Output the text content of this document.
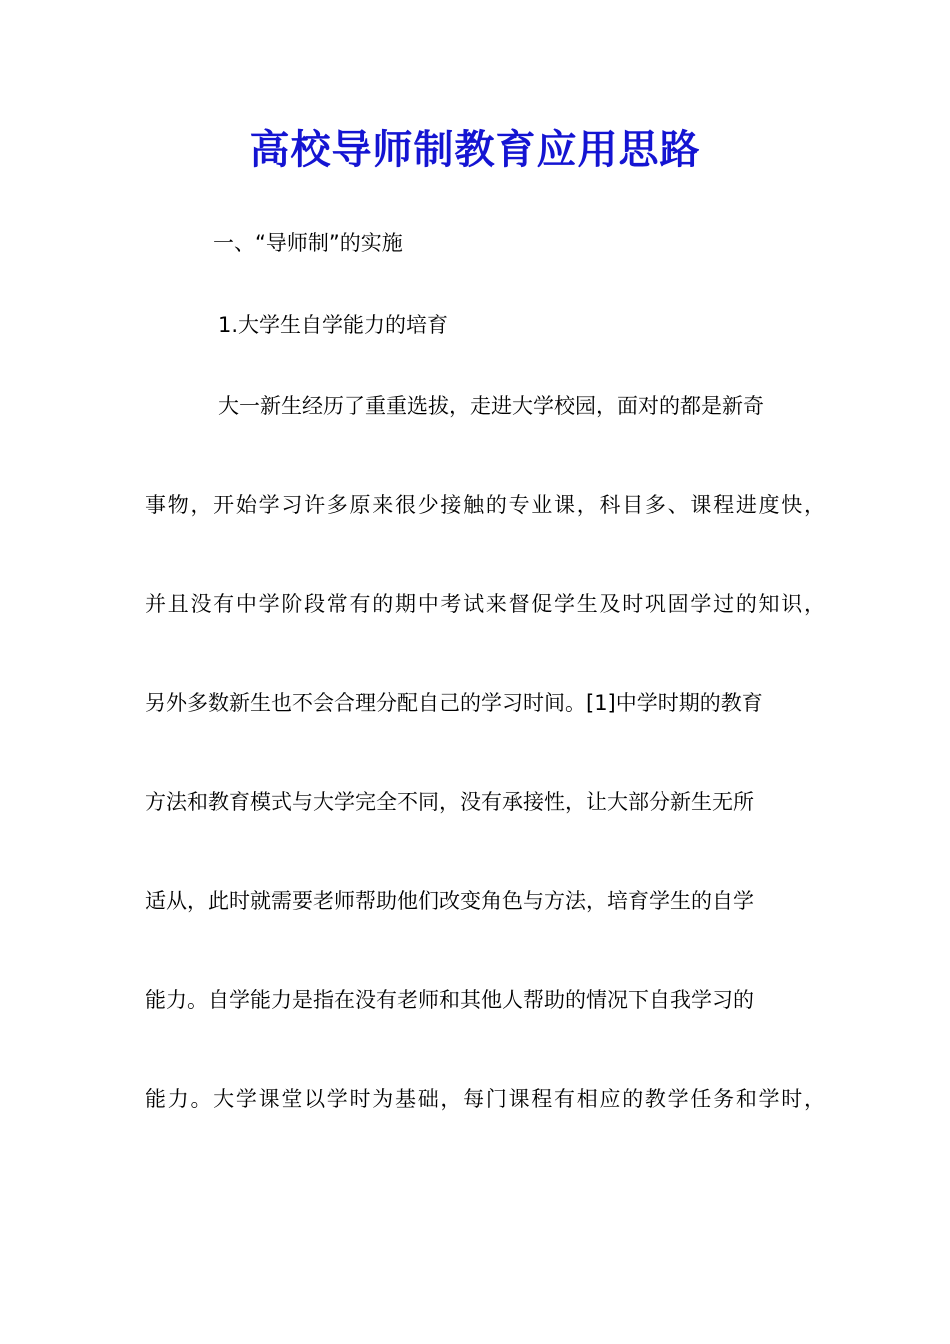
高校导师制教育应用思路

一、“导师制”的实施

1.大学生自学能力的培育

大一新生经历了重重选拔，走进大学校园，面对的都是新奇

事物，开始学习许多原来很少接触的专业课，科目多、课程进度快，

并且没有中学阶段常有的期中考试来督促学生及时巩固学过的知识，

另外多数新生也不会合理分配自己的学习时间。[1]中学时期的教育

方法和教育模式与大学完全不同，没有承接性，让大部分新生无所

适从，此时就需要老师帮助他们改变角色与方法，培育学生的自学

能力。自学能力是指在没有老师和其他人帮助的情况下自我学习的

能力。大学课堂以学时为基础，每门课程有相应的教学任务和学时，
